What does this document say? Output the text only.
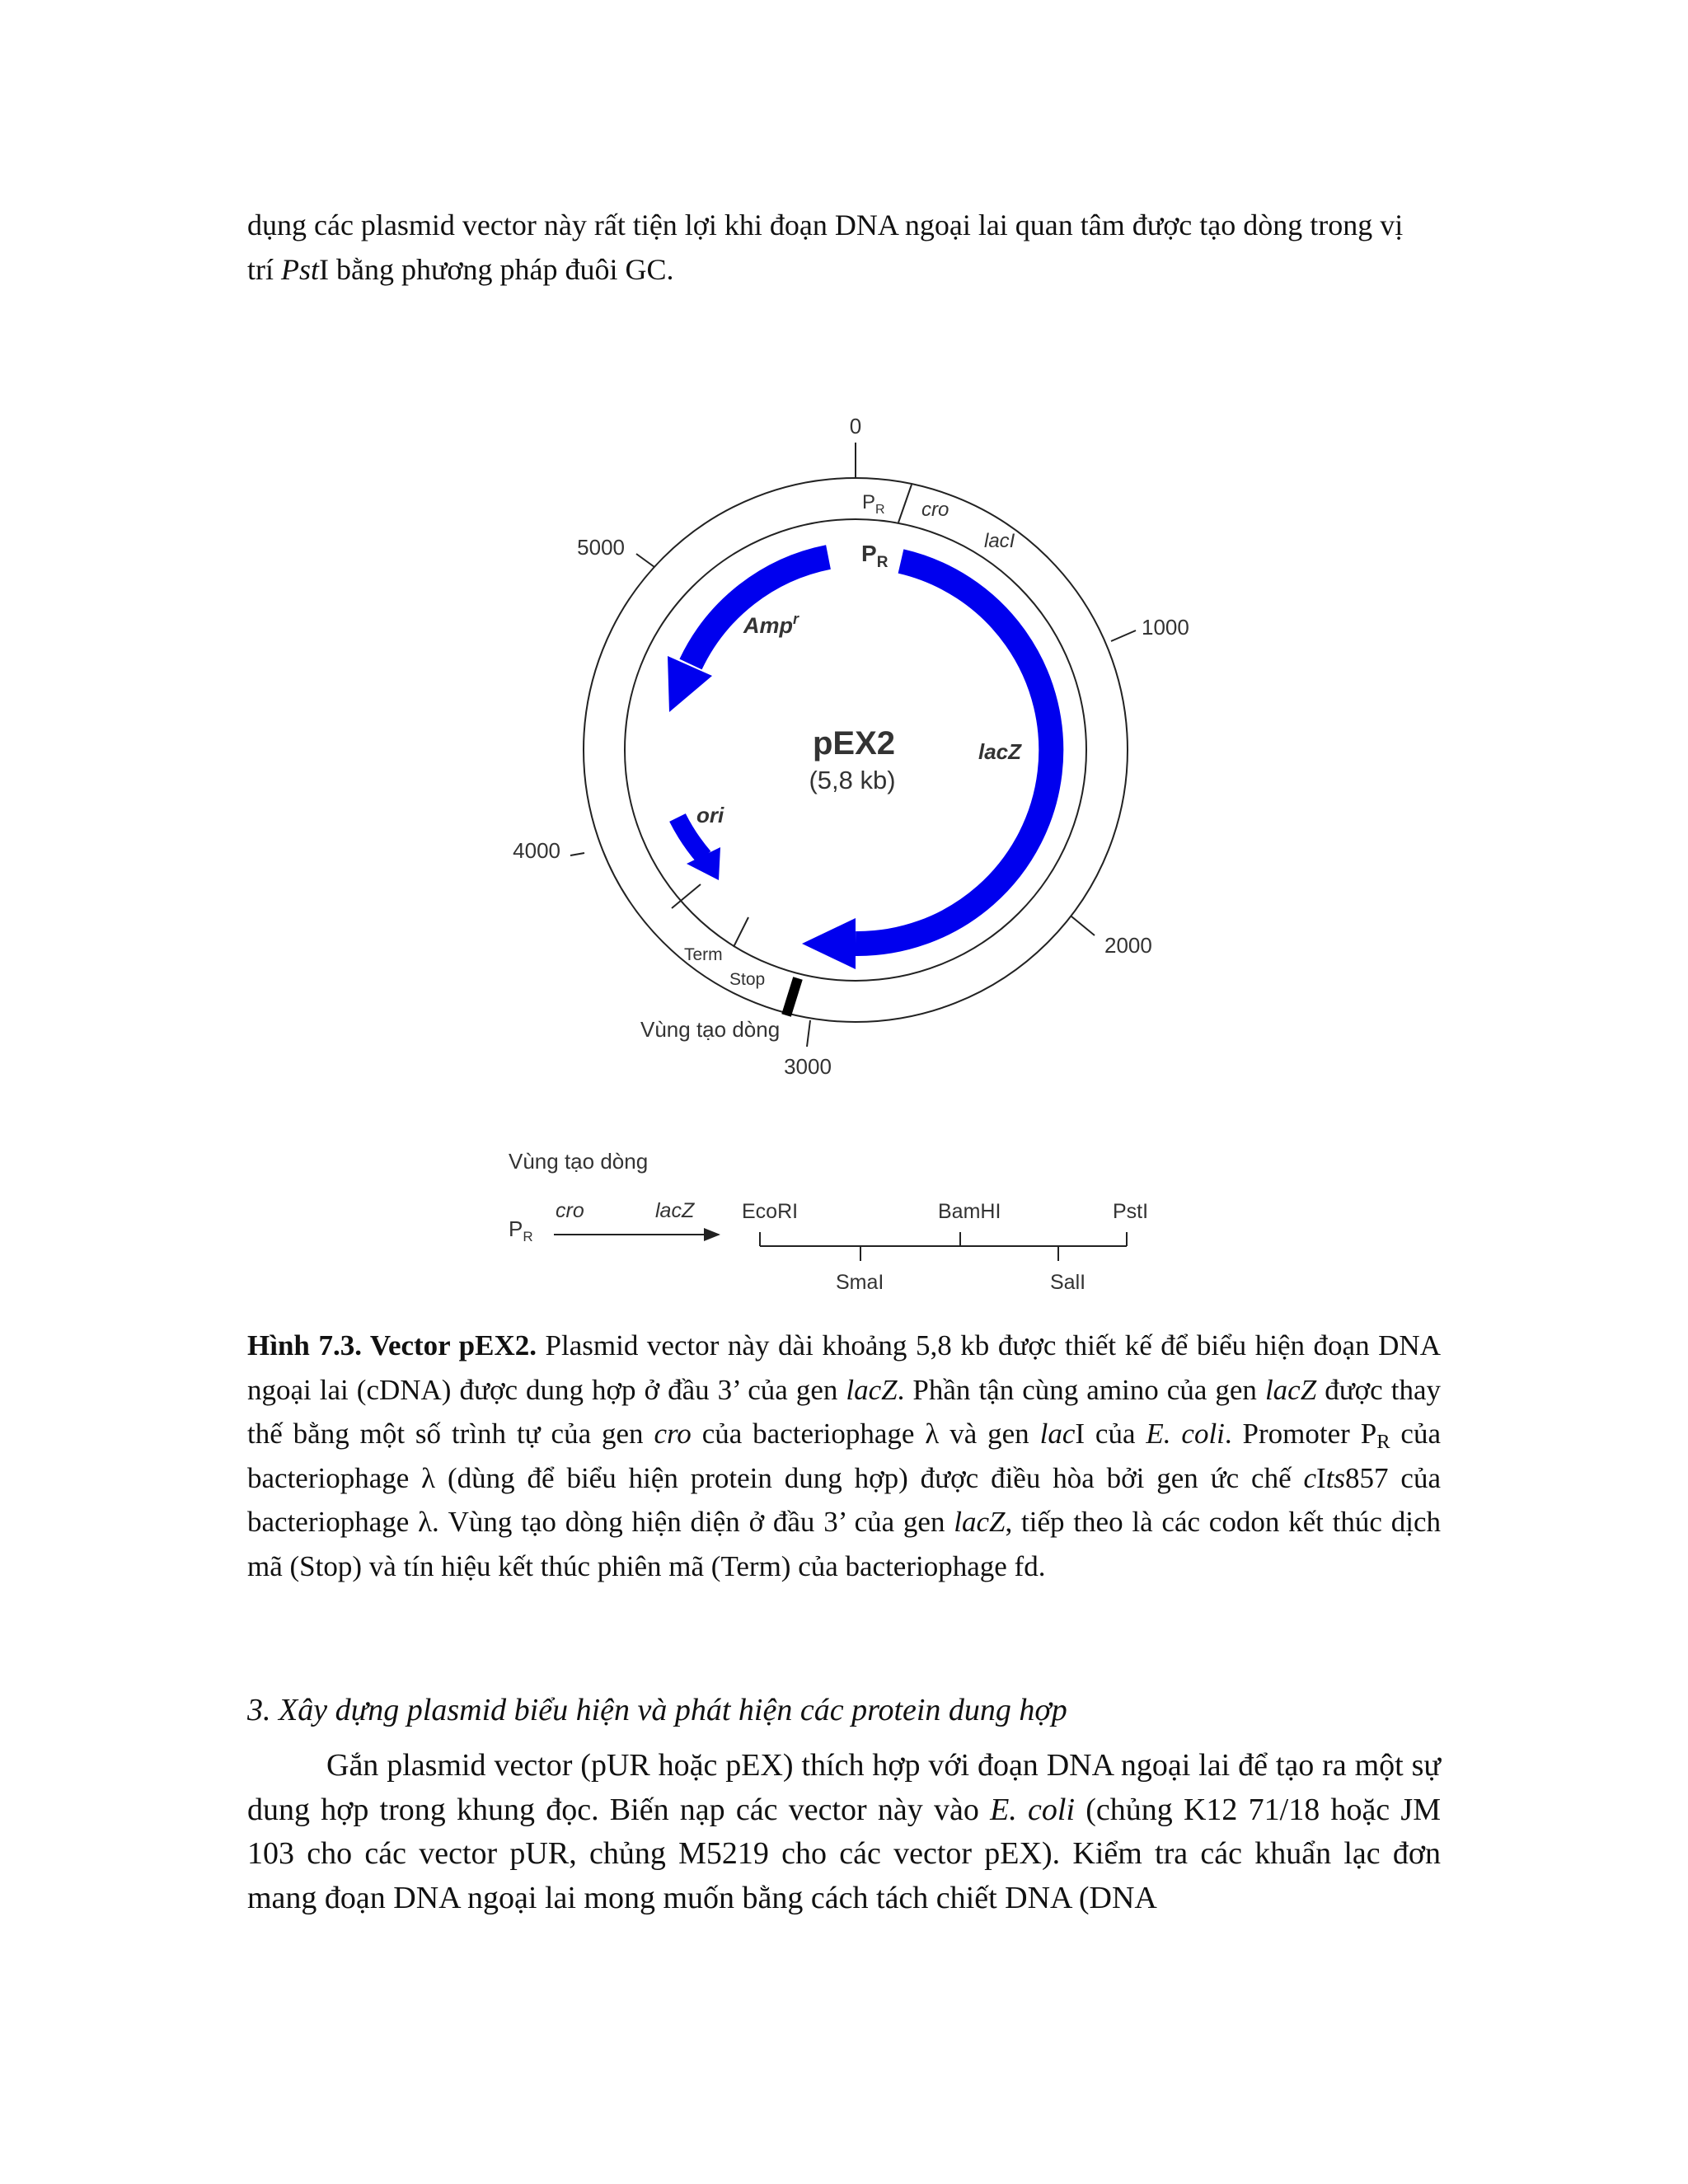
dụng các plasmid vector này rất tiện lợi khi đoạn DNA ngoại lai quan tâm được tạo dòng trong vị
trí PstI bằng phương pháp đuôi GC.
0
1000
2000
3000
4000
5000
$P_R$ cro
lacI
Term
Stop
Vùng tạo dòng
$P_R$
Amp$^r$
lacZ
ori
pEX2
(5,8 kb)
Vùng tạo dòng
$P_R$
cro	lacZ EcoRI	BamHI	PstI
SmaI	SalI
Hình 7.3. Vector pEX2. Plasmid vector này dài khoảng 5,8 kb được thiết kế để biểu hiện đoạn DNA ngoại lai (cDNA) được dung hợp ở đầu 3’ của gen lacZ. Phần tận cùng amino của gen lacZ được thay thế bằng một số trình tự của gen cro của bacteriophage λ và gen lacI của E. coli. Promoter $P_R$ của bacteriophage λ (dùng để biểu hiện protein dung hợp) được điều hòa bởi gen ức chế cIts857 của bacteriophage λ. Vùng tạo dòng hiện diện ở đầu 3’ của gen lacZ, tiếp theo là các codon kết thúc dịch mã (Stop) và tín hiệu kết thúc phiên mã (Term) của bacteriophage fd.
3. Xây dựng plasmid biểu hiện và phát hiện các protein dung hợp
Gắn plasmid vector (pUR hoặc pEX) thích hợp với đoạn DNA ngoại lai để tạo ra một sự dung hợp trong khung đọc. Biến nạp các vector này vào E. coli (chủng K12 71/18 hoặc JM 103 cho các vector pUR, chủng M5219 cho các vector pEX). Kiểm tra các khuẩn lạc đơn mang đoạn DNA ngoại lai mong muốn bằng cách tách chiết DNA (DNA
